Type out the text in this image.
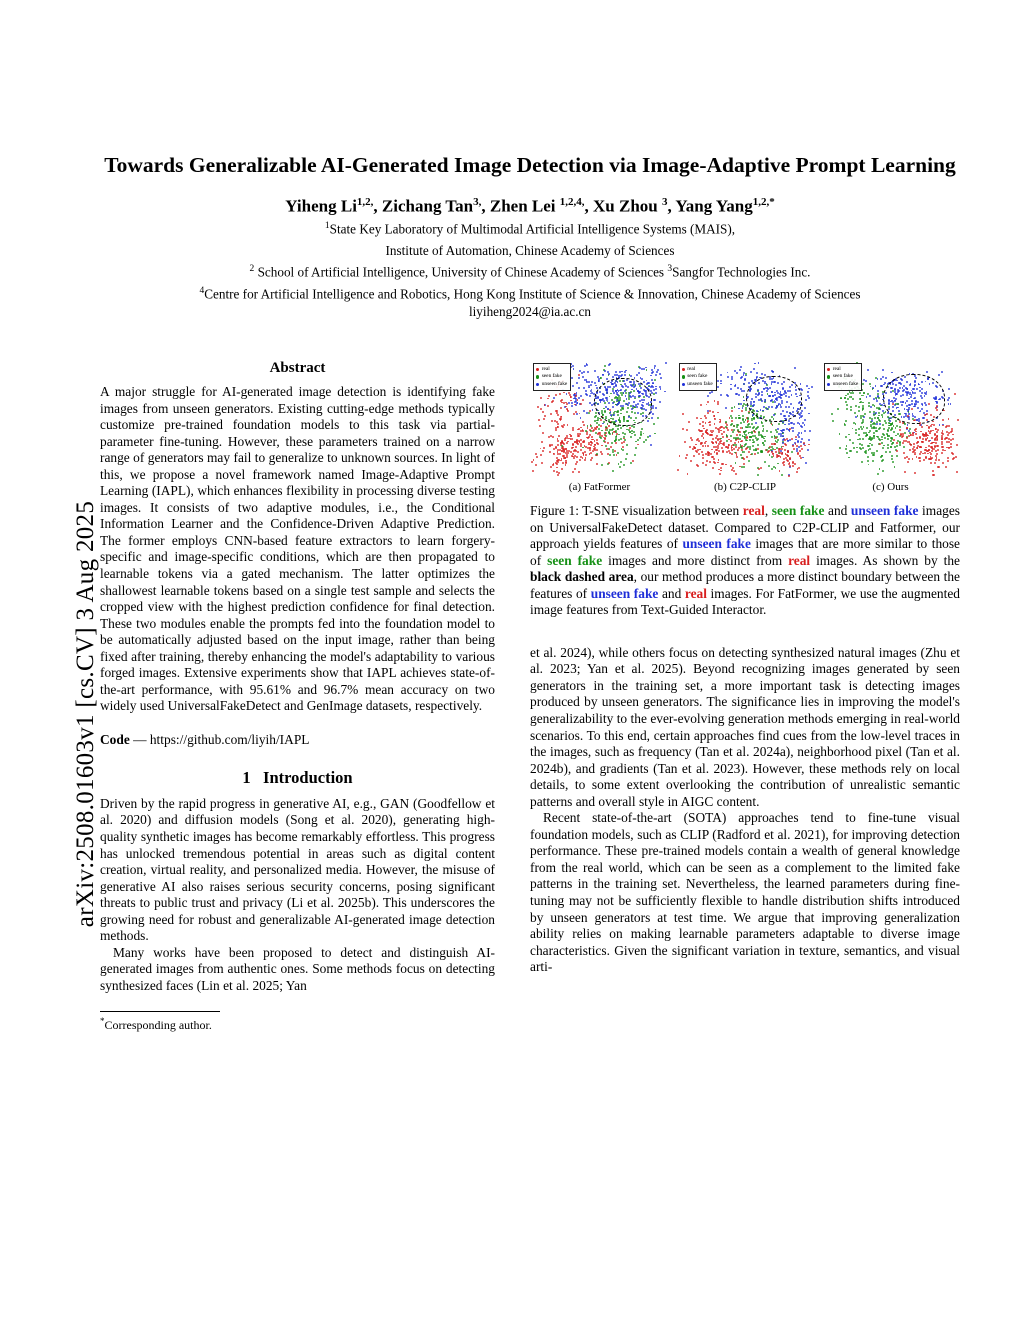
arXiv:2508.01603v1 [cs.CV] 3 Aug 2025
Towards Generalizable AI-Generated Image Detection via Image-Adaptive Prompt Learning
Yiheng $Li^{1,2,}$, Zichang Tan$^{3,}$, Zhen Lei $^{1,2,4,}$, Xu Zhou $^3$, Yang Yang$^{1,2,*}$
$^1$State Key Laboratory of Multimodal Artificial Intelligence Systems (MAIS),
Institute of Automation, Chinese Academy of Sciences
$^2$ School of Artificial Intelligence, University of Chinese Academy of Sciences $^3$Sangfor Technologies Inc.
$^4$Centre for Artificial Intelligence and Robotics, Hong Kong Institute of Science & Innovation, Chinese Academy of Sciences
liyiheng2024@ia.ac.cn
Abstract

A major struggle for AI-generated image detection is identifying fake images from unseen generators. Existing cutting-edge methods typically customize pre-trained foundation models to this task via partial-parameter fine-tuning. However, these parameters trained on a narrow range of generators may fail to generalize to unknown sources. In light of this, we propose a novel framework named Image-Adaptive Prompt Learning (IAPL), which enhances flexibility in processing diverse testing images. It consists of two adaptive modules, i.e., the Conditional Information Learner and the Confidence-Driven Adaptive Prediction. The former employs CNN-based feature extractors to learn forgery-specific and image-specific conditions, which are then propagated to learnable tokens via a gated mechanism. The latter optimizes the shallowest learnable tokens based on a single test sample and selects the cropped view with the highest prediction confidence for final detection. These two modules enable the prompts fed into the foundation model to be automatically adjusted based on the input image, rather than being fixed after training, thereby enhancing the model's adaptability to various forged images. Extensive experiments show that IAPL achieves state-of-the-art performance, with 95.61% and 96.7% mean accuracy on two widely used UniversalFakeDetect and GenImage datasets, respectively.

Code — https://github.com/liyih/IAPL
1 Introduction

Driven by the rapid progress in generative AI, e.g., GAN (Goodfellow et al. 2020) and diffusion models (Song et al. 2020), generating high-quality synthetic images has become remarkably effortless. This progress has unlocked tremendous potential in areas such as digital content creation, virtual reality, and personalized media. However, the misuse of generative AI also raises serious security concerns, posing significant threats to public trust and privacy (Li et al. 2025b). This underscores the growing need for robust and generalizable AI-generated image detection methods.

Many works have been proposed to detect and distinguish AI-generated images from authentic ones. Some methods focus on detecting synthesized faces (Lin et al. 2025; Yan

*Corresponding author.
real
seen fake
unseen fake
(a) FatFormer
real
seen fake
unseen fake
(b) C2P-CLIP
real
seen fake
unseen fake
(c) Ours
Figure 1: T-SNE visualization between real, seen fake and unseen fake images on UniversalFakeDetect dataset. Compared to C2P-CLIP and Fatformer, our approach yields features of unseen fake images that are more similar to those of seen fake images and more distinct from real images. As shown by the black dashed area, our method produces a more distinct boundary between the features of unseen fake and real images. For FatFormer, we use the augmented image features from Text-Guided Interactor.

et al. 2024), while others focus on detecting synthesized natural images (Zhu et al. 2023; Yan et al. 2025). Beyond recognizing images generated by seen generators in the training set, a more important task is detecting images produced by unseen generators. The significance lies in improving the model's generalizability to the ever-evolving generation methods emerging in real-world scenarios. To this end, certain approaches find cues from the low-level traces in the images, such as frequency (Tan et al. 2024a), neighborhood pixel (Tan et al. 2024b), and gradients (Tan et al. 2023). However, these methods rely on local details, to some extent overlooking the contribution of unrealistic semantic patterns and overall style in AIGC content.

Recent state-of-the-art (SOTA) approaches tend to fine-tune visual foundation models, such as CLIP (Radford et al. 2021), for improving detection performance. These pre-trained models contain a wealth of general knowledge from the real world, which can be seen as a complement to the limited fake patterns in the training set. Nevertheless, the learned parameters during fine-tuning may not be sufficiently flexible to handle distribution shifts introduced by unseen generators at test time. We argue that improving generalization ability relies on making learnable parameters adaptable to diverse image characteristics. Given the significant variation in texture, semantics, and visual arti-
